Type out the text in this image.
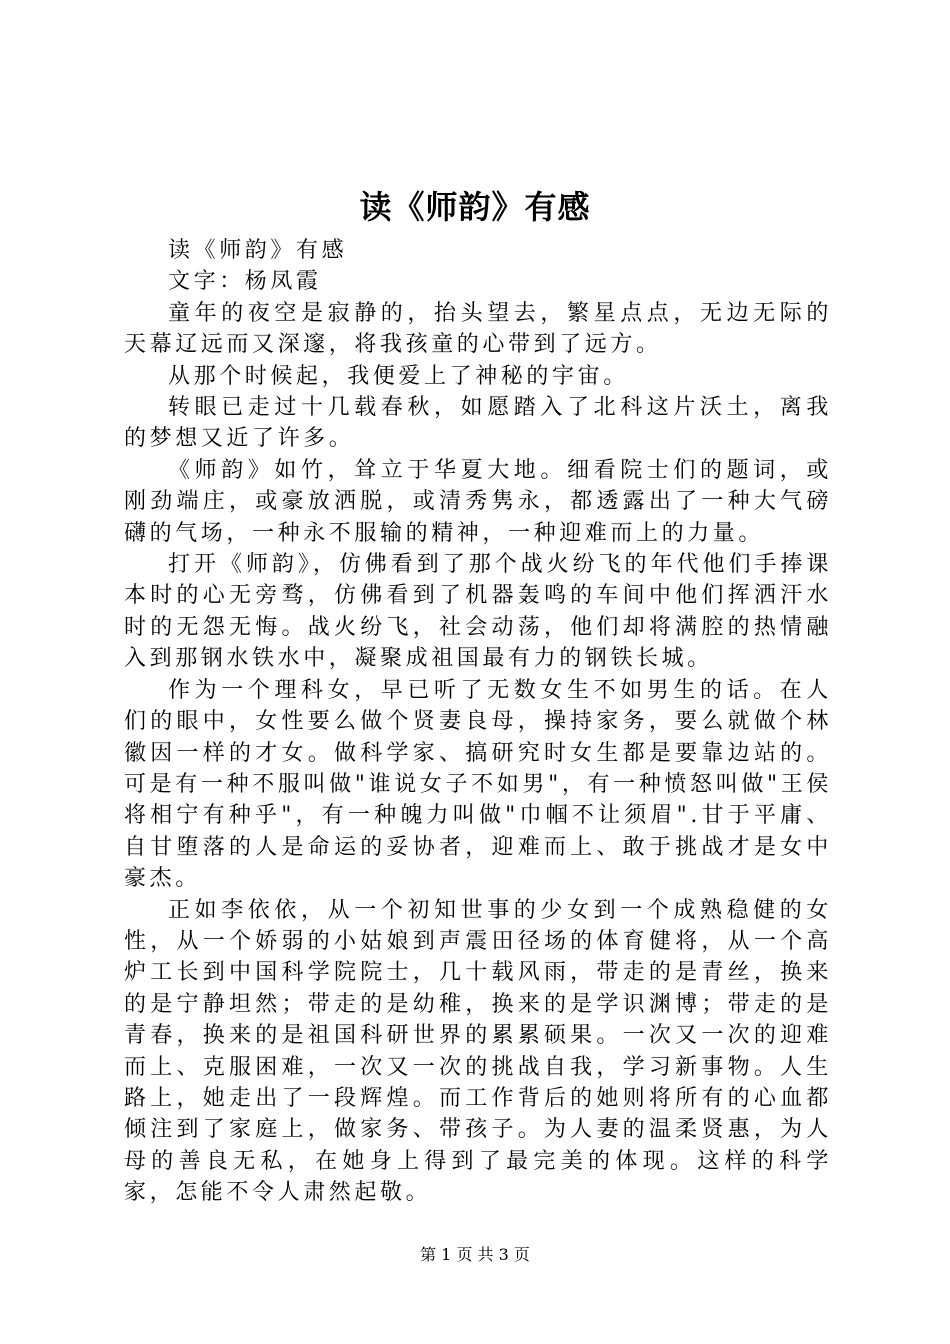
读《师韵》有感

读《师韵》有感

文字：杨凤霞

童年的夜空是寂静的，抬头望去，繁星点点，无边无际的天幕辽远而又深邃，将我孩童的心带到了远方。

从那个时候起，我便爱上了神秘的宇宙。

转眼已走过十几载春秋，如愿踏入了北科这片沃土，离我的梦想又近了许多。

《师韵》如竹，耸立于华夏大地。细看院士们的题词，或刚劲端庄，或豪放洒脱，或清秀隽永，都透露出了一种大气磅礴的气场，一种永不服输的精神，一种迎难而上的力量。

打开《师韵》，仿佛看到了那个战火纷飞的年代他们手捧课本时的心无旁骛，仿佛看到了机器轰鸣的车间中他们挥洒汗水时的无怨无悔。战火纷飞，社会动荡，他们却将满腔的热情融入到那钢水铁水中，凝聚成祖国最有力的钢铁长城。

作为一个理科女，早已听了无数女生不如男生的话。在人们的眼中，女性要么做个贤妻良母，操持家务，要么就做个林徽因一样的才女。做科学家、搞研究时女生都是要靠边站的。可是有一种不服叫做"谁说女子不如男"，有一种愤怒叫做"王侯将相宁有种乎"，有一种魄力叫做"巾帼不让须眉".甘于平庸、自甘堕落的人是命运的妥协者，迎难而上、敢于挑战才是女中豪杰。

正如李依依，从一个初知世事的少女到一个成熟稳健的女性，从一个娇弱的小姑娘到声震田径场的体育健将，从一个高炉工长到中国科学院院士，几十载风雨，带走的是青丝，换来的是宁静坦然；带走的是幼稚，换来的是学识渊博；带走的是青春，换来的是祖国科研世界的累累硕果。一次又一次的迎难而上、克服困难，一次又一次的挑战自我，学习新事物。人生路上，她走出了一段辉煌。而工作背后的她则将所有的心血都倾注到了家庭上，做家务、带孩子。为人妻的温柔贤惠，为人母的善良无私，在她身上得到了最完美的体现。这样的科学家，怎能不令人肃然起敬。

第 1 页 共 3 页
